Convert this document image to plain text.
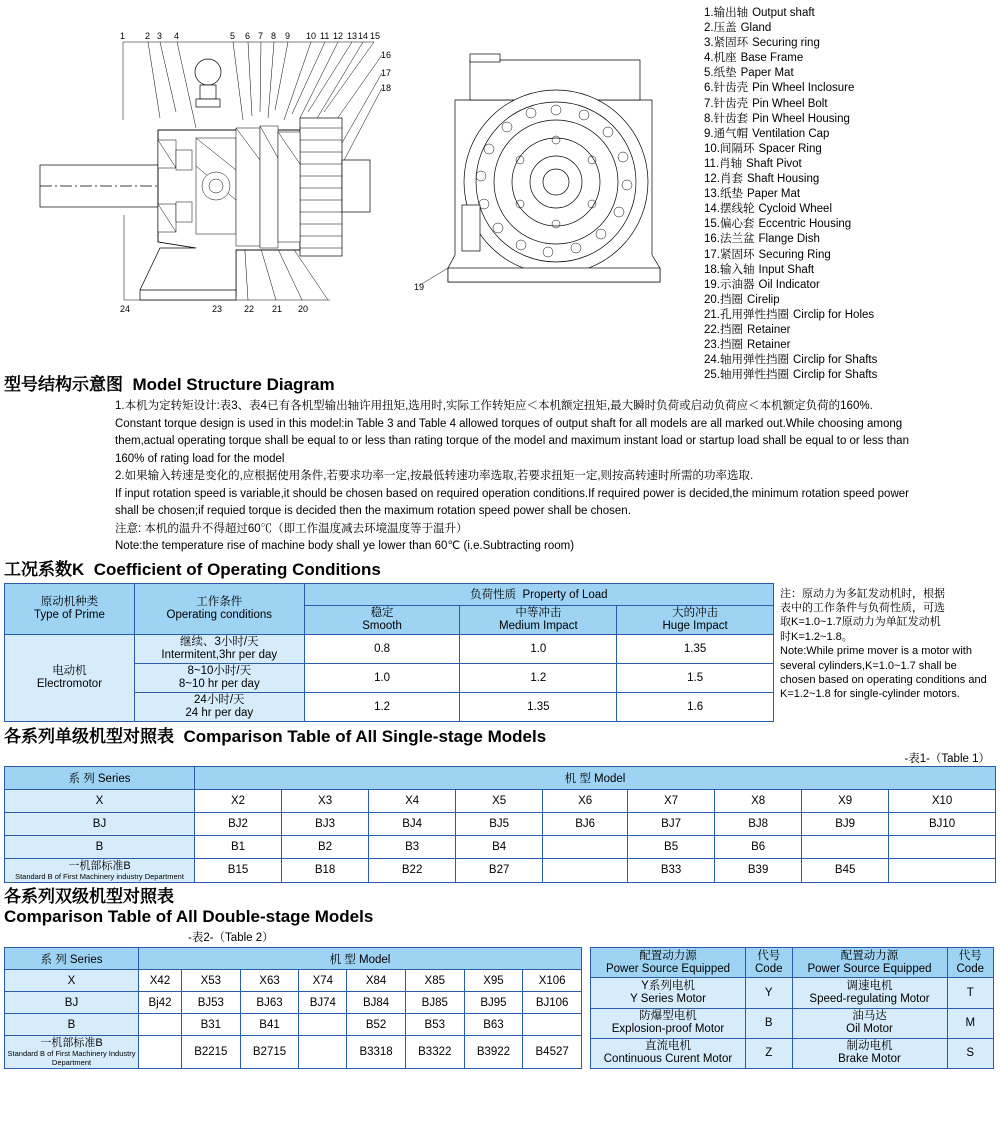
1 2 3 4	5 6 7 8 9 10 11 12 13 14 15
16
17
18
19
24	23 22 21 20
1.输出轴 Output shaft
2.压盖 Gland
3.紧固环 Securing ring
4.机座 Base Frame
5.纸垫 Paper Mat
6.针齿壳 Pin Wheel Inclosure
7.针齿壳 Pin Wheel Bolt
8.针齿套 Pin Wheel Housing
9.通气帽 Ventilation Cap
10.间隔环 Spacer Ring
11.肖轴 Shaft Pivot
12.肖套 Shaft Housing
13.纸垫 Paper Mat
14.摆线轮 Cycloid Wheel
15.偏心套 Eccentric Housing
16.法兰盆 Flange Dish
17.紧固环 Securing Ring
18.输入轴 Input Shaft
19.示油器 Oil Indicator
20.挡圈 Cirelip
21.孔用弹性挡圈 Circlip for Holes
22.挡圈 Retainer
23.挡圈 Retainer
24.轴用弹性挡圈 Circlip for Shafts
25.轴用弹性挡圈 Circlip for Shafts
型号结构示意图 Model Structure Diagram

1.本机为定转矩设计:表3、表4已有各机型输出轴许用扭矩,选用时,实际工作转矩应＜本机额定扭矩,最大瞬时负荷或启动负荷应＜本机额定负荷的160%.

Constant torque design is used in this model:in Table 3 and Table 4 allowed torques of output shaft for all models are all marked out.While choosing among

them,actual operating torque shall be equal to or less than rating torque of the model and maximum instant load or startup load shall be equal to or less than

160% of rating load for the model

2.如果输入转速是变化的,应根据使用条件,若要求功率一定,按最低转速功率选取,若要求扭矩一定,则按高转速时所需的功率选取.

If input rotation speed is variable,it should be chosen based on required operation conditions.If required power is decided,the minimum rotation speed power

shall be chosen;if requied torque is decided then the maximum rotation speed power shall be chosen.

注意: 本机的温升不得超过60℃（即工作温度减去环境温度等于温升）

Note:the temperature rise of machine body shall ye lower than 60℃ (i.e.Subtracting room)

工况系数K Coefficient of Operating Conditions
原动机种类
Type of Prime	工作条件
Operating conditions	负荷性质 Property of Load		

		稳定
Smooth	中等冲击
Medium Impact	大的冲击
Huge Impact

电动机
Electromotor	继续、3小时/天
Intermitent,3hr per day	0.8	1.0	1.35

	8~10小时/天
8~10 hr per day	1.0	1.2	1.5

	24小时/天
24 hr per day	1.2	1.35	1.6
注：原动力为多缸发动机时，根据
表中的工作条件与负荷性质，可选
取K=1.0~1.7原动力为单缸发动机
时K=1.2~1.8。
Note:While prime mover is a motor with
several cylinders,K=1.0~1.7 shall be
chosen based on operating conditions and
K=1.2~1.8 for single-cylinder motors.
各系列单级机型对照表 Comparison Table of All Single-stage Models
-表1-（Table 1）
系 列 Series	机 型 Model								
X	X2	X3	X4	X5	X6	X7	X8	X9	X10
BJ	BJ2	BJ3	BJ4	BJ5	BJ6	BJ7	BJ8	BJ9	BJ10
B	B1	B2	B3	B4		B5	B6		

一机部标准B
Standard B of First Machinery industry Department	B15	B18	B22	B27		B33	B39	B45	
各系列双级机型对照表
Comparison Table of All Double-stage Models
-表2-（Table 2）
系 列 Series	机 型 Model							
X	X42	X53	X63	X74	X84	X85	X95	X106
BJ	Bj42	BJ53	BJ63	BJ74	BJ84	BJ85	BJ95	BJ106
B		B31	B41		B52	B53	B63	

一机部标准B
Standard B of First Machinery Industry Department		B2215	B2715		B3318	B3322	B3922	B4527
配置动力源
Power Source Equipped	代号
Code	配置动力源
Power Source Equipped	代号
Code

Y系列电机
Y Series Motor	Y	调速电机
Speed-regulating Motor	T

防爆型电机
Explosion-proof Motor	B	油马达
Oil Motor	M

直流电机
Continuous Curent Motor	Z	制动电机
Brake Motor	S
